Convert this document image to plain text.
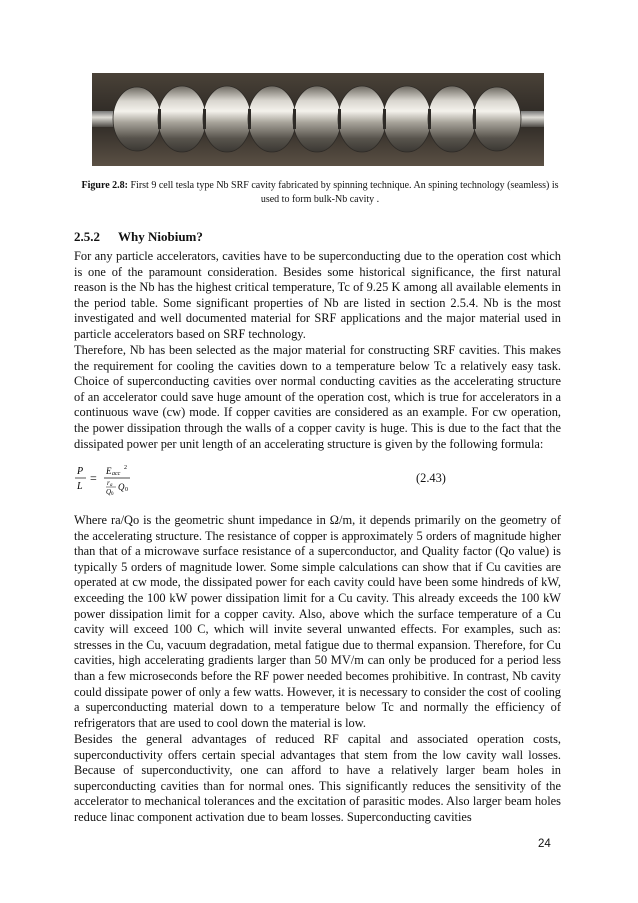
Figure 2.8: First 9 cell tesla type Nb SRF cavity fabricated by spinning technique. An spining technology (seamless) is used to form bulk-Nb cavity .
2.5.2 Why Niobium?

For any particle accelerators, cavities have to be superconducting due to the operation cost which is one of the paramount consideration. Besides some historical significance, the first natural reason is the Nb has the highest critical temperature, Tc of 9.25 K among all available elements in the period table. Some significant properties of Nb are listed in section 2.5.4. Nb is the most investigated and well documented material for SRF applications and the major material used in particle accelerators based on SRF technology.

Therefore, Nb has been selected as the major material for constructing SRF cavities. This makes the requirement for cooling the cavities down to a temperature below Tc a relatively easy task. Choice of superconducting cavities over normal conducting cavities as the accelerating structure of an accelerator could save huge amount of the operation cost, which is true for accelerators in a continuous wave (cw) mode. If copper cavities are considered as an example. For cw operation, the power dissipation through the walls of a copper cavity is huge. This is due to the fact that the dissipated power per unit length of an accelerating structure is given by the following formula:

P
L
= E acc
2
r a
Q 0
Q 0
(2.43)

Where ra/Qo is the geometric shunt impedance in Ω/m, it depends primarily on the geometry of the accelerating structure. The resistance of copper is approximately 5 orders of magnitude higher than that of a microwave surface resistance of a superconductor, and Quality factor (Qo value) is typically 5 orders of magnitude lower. Some simple calculations can show that if Cu cavities are operated at cw mode, the dissipated power for each cavity could have been some hindreds of kW, exceeding the 100 kW power dissipation limit for a Cu cavity. This already exceeds the 100 kW power dissipation limit for a copper cavity. Also, above which the surface temperature of a Cu cavity will exceed 100 C, which will invite several unwanted effects. For examples, such as: stresses in the Cu, vacuum degradation, metal fatigue due to thermal expansion. Therefore, for Cu cavities, high accelerating gradients larger than 50 MV/m can only be produced for a period less than a few microseconds before the RF power needed becomes prohibitive. In contrast, Nb cavity could dissipate power of only a few watts. However, it is necessary to consider the cost of cooling a superconducting material down to a temperature below Tc and normally the efficiency of refrigerators that are used to cool down the material is low.

Besides the general advantages of reduced RF capital and associated operation costs, superconductivity offers certain special advantages that stem from the low cavity wall losses. Because of superconductivity, one can afford to have a relatively larger beam holes in superconducting cavities than for normal ones. This significantly reduces the sensitivity of the accelerator to mechanical tolerances and the excitation of parasitic modes. Also larger beam holes reduce linac component activation due to beam losses. Superconducting cavities

24
